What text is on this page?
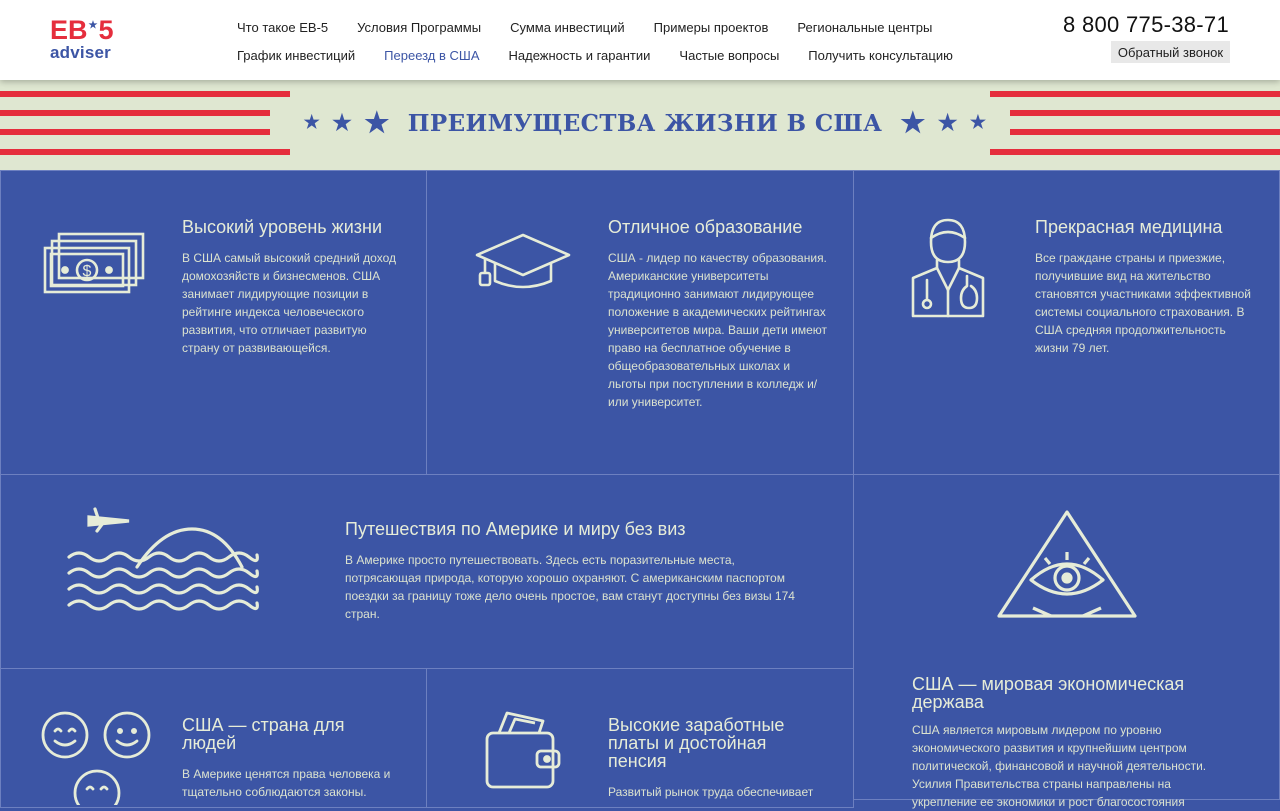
EB ★ 5
adviser
Что такое EB-5 Условия Программы Сумма инвестиций Примеры проектов Региональные центры
График инвестиций Переезд в США Надежность и гарантии Частые вопросы Получить консультацию
8 800 775-38-71
Обратный звонок
★ ★ ★ ПРЕИМУЩЕСТВА ЖИЗНИ В США ★ ★ ★
$
Высокий уровень жизни
В США самый высокий средний доход домохозяйств и бизнесменов. США занимает лидирующие позиции в рейтинге индекса человеческого развития, что отличает развитую страну от развивающейся.
Отличное образование
США - лидер по качеству образования. Американские университеты традиционно занимают лидирующее положение в академических рейтингах университетов мира. Ваши дети имеют право на бесплатное обучение в общеобразовательных школах и льготы при поступлении в колледж и/или университет.
Прекрасная медицина
Все граждане страны и приезжие, получившие вид на жительство становятся участниками эффективной системы социального страхования. В США средняя продолжительность жизни 79 лет.
Путешествия по Америке и миру без виз
В Америке просто путешествовать. Здесь есть поразительные места, потрясающая природа, которую хорошо охраняют. С американским паспортом поездки за границу тоже дело очень простое, вам станут доступны без визы 174 стран.
США — мировая экономическая держава
США является мировым лидером по уровню экономического развития и крупнейшим центром политической, финансовой и научной деятельности. Усилия Правительства страны направлены на укрепление ее экономики и рост благосостояния
США — страна для людей
В Америке ценятся права человека и тщательно соблюдаются законы.
Высокие заработные платы и достойная пенсия
Развитый рынок труда обеспечивает
